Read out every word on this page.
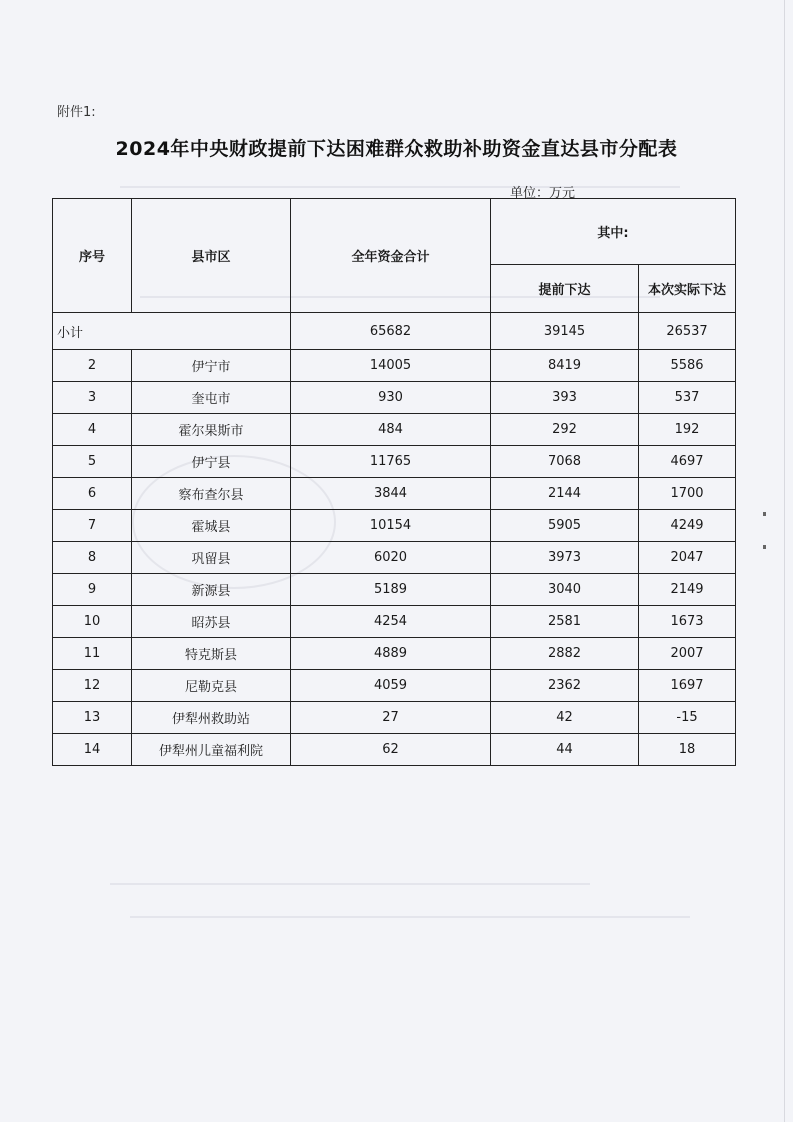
附件1:
2024年中央财政提前下达困难群众救助补助资金直达县市分配表
单位：万元
序号	县市区	全年资金合计	其中:	
			提前下达	本次实际下达
小计		65682	39145	26537
2	伊宁市	14005	8419	5586
3	奎屯市	930	393	537
4	霍尔果斯市	484	292	192
5	伊宁县	11765	7068	4697
6	察布查尔县	3844	2144	1700
7	霍城县	10154	5905	4249
8	巩留县	6020	3973	2047
9	新源县	5189	3040	2149
10	昭苏县	4254	2581	1673
11	特克斯县	4889	2882	2007
12	尼勒克县	4059	2362	1697
13	伊犁州救助站	27	42	-15
14	伊犁州儿童福利院	62	44	18
